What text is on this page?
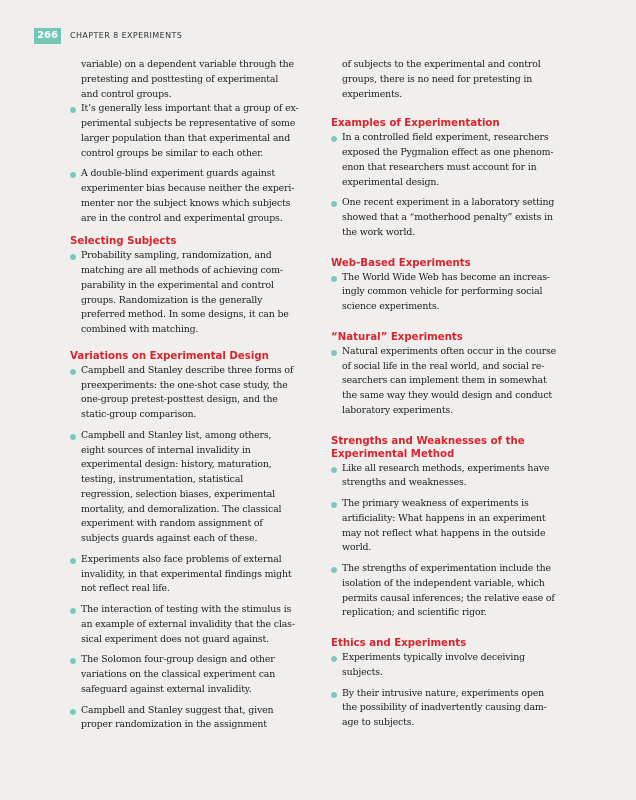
266	CHAPTER 8 EXPERIMENTS

variable) on a dependent variable through the
pretesting and posttesting of experimental
and control groups.

It’s generally less important that a group of ex-
perimental subjects be representative of some
larger population than that experimental and
control groups be similar to each other.
A double-blind experiment guards against
experimenter bias because neither the experi-
menter nor the subject knows which subjects
are in the control and experimental groups.
Selecting Subjects
Probability sampling, randomization, and
matching are all methods of achieving com-
parability in the experimental and control
groups. Randomization is the generally
preferred method. In some designs, it can be
combined with matching.
Variations on Experimental Design
Campbell and Stanley describe three forms of
preexperiments: the one-shot case study, the
one-group pretest-posttest design, and the
static-group comparison.
Campbell and Stanley list, among others,
eight sources of internal invalidity in
experimental design: history, maturation,
testing, instrumentation, statistical
regression, selection biases, experimental
mortality, and demoralization. The classical
experiment with random assignment of
subjects guards against each of these.
Experiments also face problems of external
invalidity, in that experimental findings might
not reflect real life.
The interaction of testing with the stimulus is
an example of external invalidity that the clas-
sical experiment does not guard against.
The Solomon four-group design and other
variations on the classical experiment can
safeguard against external invalidity.
Campbell and Stanley suggest that, given
proper randomization in the assignment

of subjects to the experimental and control
groups, there is no need for pretesting in
experiments.

Examples of Experimentation
In a controlled field experiment, researchers
exposed the Pygmalion effect as one phenom-
enon that researchers must account for in
experimental design.
One recent experiment in a laboratory setting
showed that a “motherhood penalty” exists in
the work world.
Web-Based Experiments
The World Wide Web has become an increas-
ingly common vehicle for performing social
science experiments.
“Natural” Experiments
Natural experiments often occur in the course
of social life in the real world, and social re-
searchers can implement them in somewhat
the same way they would design and conduct
laboratory experiments.
Strengths and Weaknesses of the
Experimental Method
Like all research methods, experiments have
strengths and weaknesses.
The primary weakness of experiments is
artificiality: What happens in an experiment
may not reflect what happens in the outside
world.
The strengths of experimentation include the
isolation of the independent variable, which
permits causal inferences; the relative ease of
replication; and scientific rigor.
Ethics and Experiments
Experiments typically involve deceiving
subjects.
By their intrusive nature, experiments open
the possibility of inadvertently causing dam-
age to subjects.
